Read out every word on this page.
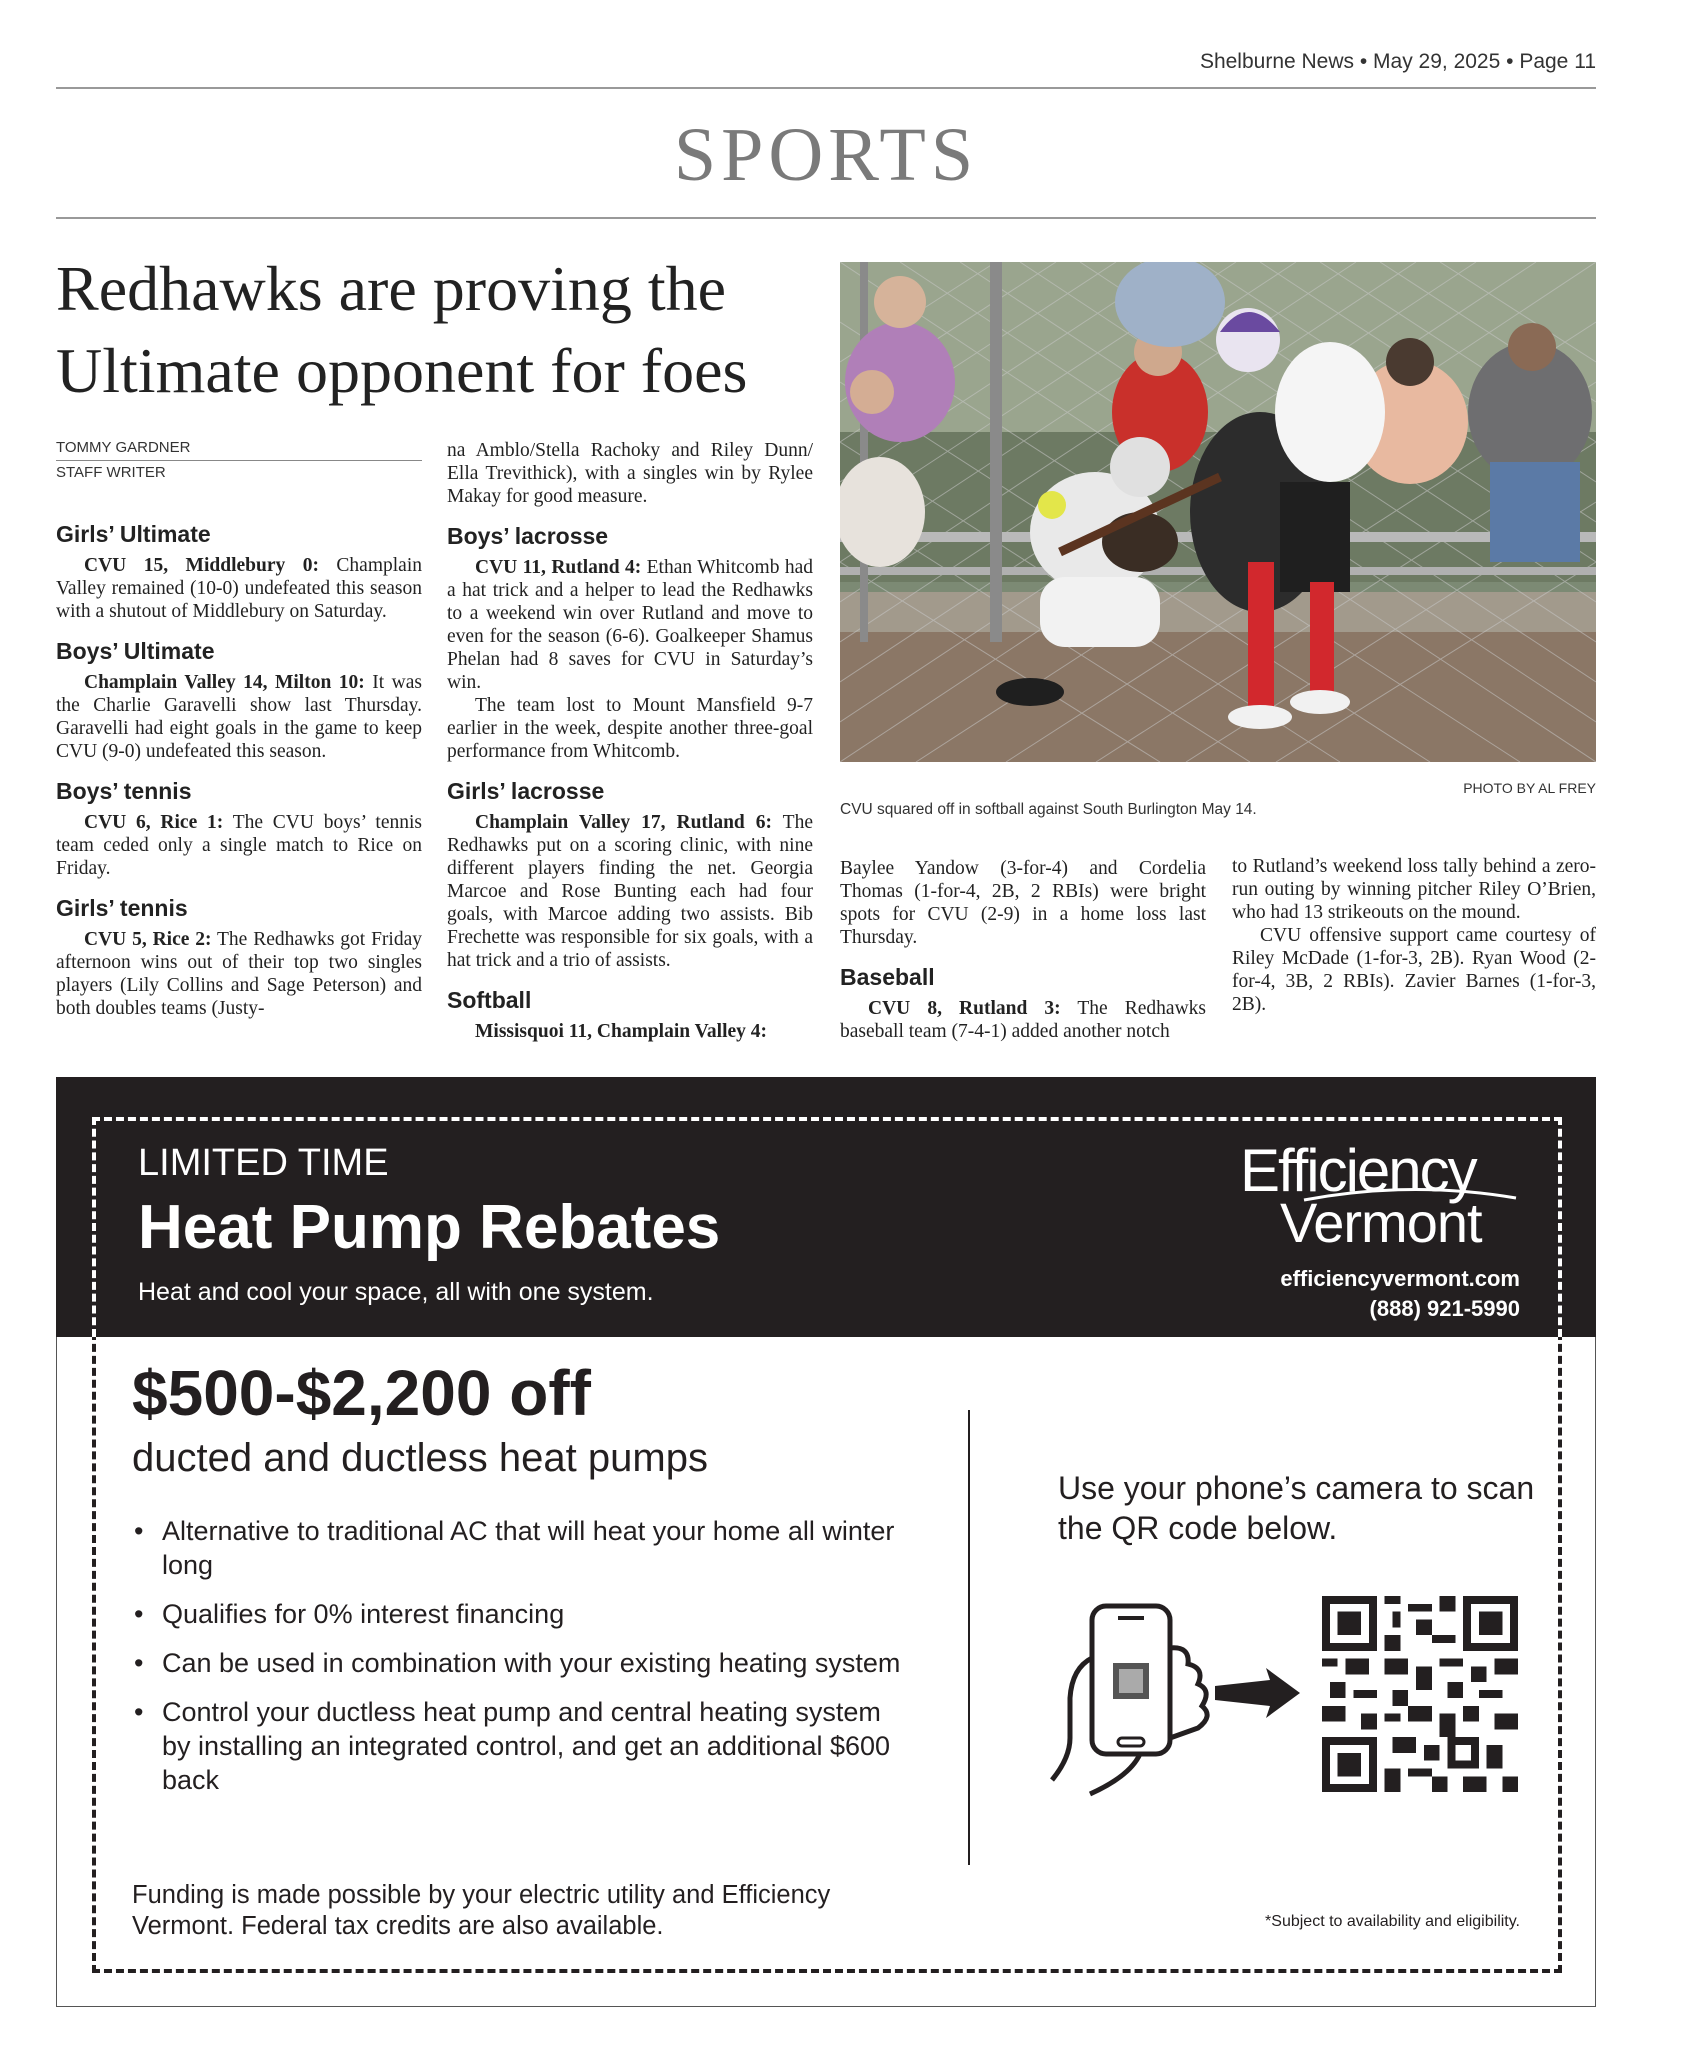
Shelburne News • May 29, 2025 • Page 11
SPORTS
Redhawks are proving the
Ultimate opponent for foes
TOMMY GARDNER
STAFF WRITER
Girls’ Ultimate

CVU 15, Middlebury 0: Champlain Valley remained (10-0) undefeated this season with a shutout of Middlebury on Saturday.

Boys’ Ultimate

Champlain Valley 14, Milton 10: It was the Charlie Garavelli show last Thursday. Garavelli had eight goals in the game to keep CVU (9-0) undefeated this season.

Boys’ tennis

CVU 6, Rice 1: The CVU boys’ tennis team ceded only a single match to Rice on Friday.

Girls’ tennis

CVU 5, Rice 2: The Redhawks got Friday afternoon wins out of their top two singles players (Lily Collins and Sage Peterson) and both doubles teams (Justy-

na Amblo/Stella Rachoky and Riley Dunn/ Ella Trevithick), with a singles win by Rylee Makay for good measure.

Boys’ lacrosse

CVU 11, Rutland 4: Ethan Whitcomb had a hat trick and a helper to lead the Redhawks to a weekend win over Rutland and move to even for the season (6-6). Goalkeeper Shamus Phelan had 8 saves for CVU in Saturday’s win.

The team lost to Mount Mansfield 9-7 earlier in the week, despite another three-goal performance from Whitcomb.

Girls’ lacrosse

Champlain Valley 17, Rutland 6: The Redhawks put on a scoring clinic, with nine different players finding the net. Georgia Marcoe and Rose Bunting each had four goals, with Marcoe adding two assists. Bib Frechette was responsible for six goals, with a hat trick and a trio of assists.

Softball

Missisquoi 11, Champlain Valley 4:

PHOTO BY AL FREY
CVU squared off in softball against South Burlington May 14.

Baylee Yandow (3-for-4) and Cordelia Thomas (1-for-4, 2B, 2 RBIs) were bright spots for CVU (2-9) in a home loss last Thursday.

Baseball

CVU 8, Rutland 3: The Redhawks baseball team (7-4-1) added another notch

to Rutland’s weekend loss tally behind a zero-run outing by winning pitcher Riley O’Brien, who had 13 strikeouts on the mound.

CVU offensive support came courtesy of Riley McDade (1-for-3, 2B). Ryan Wood (2-for-4, 3B, 2 RBIs). Zavier Barnes (1-for-3, 2B).

LIMITED TIME
Heat Pump Rebates
Heat and cool your space, all with one system.
Efficiency
Vermont
efficiencyvermont.com
(888) 921-5990
$500-$2,200 off
ducted and ductless heat pumps
• Alternative to traditional AC that will heat your home all winter long
• Qualifies for 0% interest financing
• Can be used in combination with your existing heating system
• Control your ductless heat pump and central heating system by installing an integrated control, and get an additional $600 back
Funding is made possible by your electric utility and Efficiency Vermont. Federal tax credits are also available.
Use your phone’s camera to scan the QR code below.
*Subject to availability and eligibility.
